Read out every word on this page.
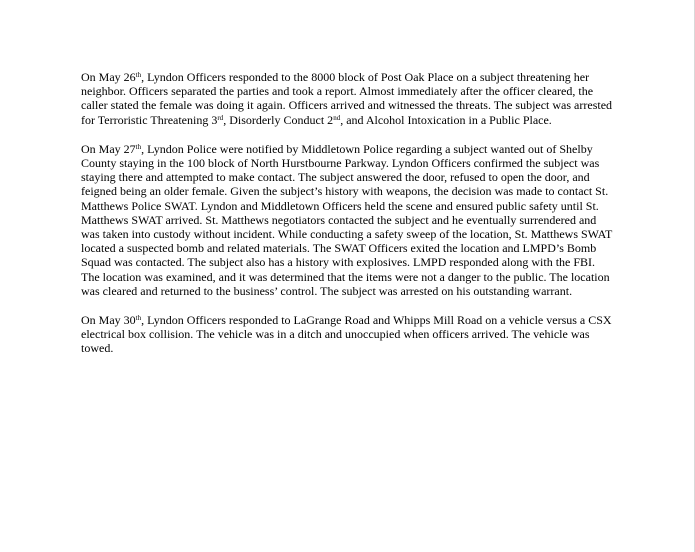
On May 26th, Lyndon Officers responded to the 8000 block of Post Oak Place on a subject threatening her neighbor. Officers separated the parties and took a report. Almost immediately after the officer cleared, the caller stated the female was doing it again. Officers arrived and witnessed the threats. The subject was arrested for Terroristic Threatening 3rd, Disorderly Conduct 2nd, and Alcohol Intoxication in a Public Place.

On May 27th, Lyndon Police were notified by Middletown Police regarding a subject wanted out of Shelby County staying in the 100 block of North Hurstbourne Parkway. Lyndon Officers confirmed the subject was staying there and attempted to make contact. The subject answered the door, refused to open the door, and feigned being an older female. Given the subject’s history with weapons, the decision was made to contact St. Matthews Police SWAT. Lyndon and Middletown Officers held the scene and ensured public safety until St. Matthews SWAT arrived. St. Matthews negotiators contacted the subject and he eventually surrendered and was taken into custody without incident. While conducting a safety sweep of the location, St. Matthews SWAT located a suspected bomb and related materials. The SWAT Officers exited the location and LMPD’s Bomb Squad was contacted. The subject also has a history with explosives. LMPD responded along with the FBI. The location was examined, and it was determined that the items were not a danger to the public. The location was cleared and returned to the business’ control. The subject was arrested on his outstanding warrant.

On May 30th, Lyndon Officers responded to LaGrange Road and Whipps Mill Road on a vehicle versus a CSX electrical box collision. The vehicle was in a ditch and unoccupied when officers arrived. The vehicle was towed.
